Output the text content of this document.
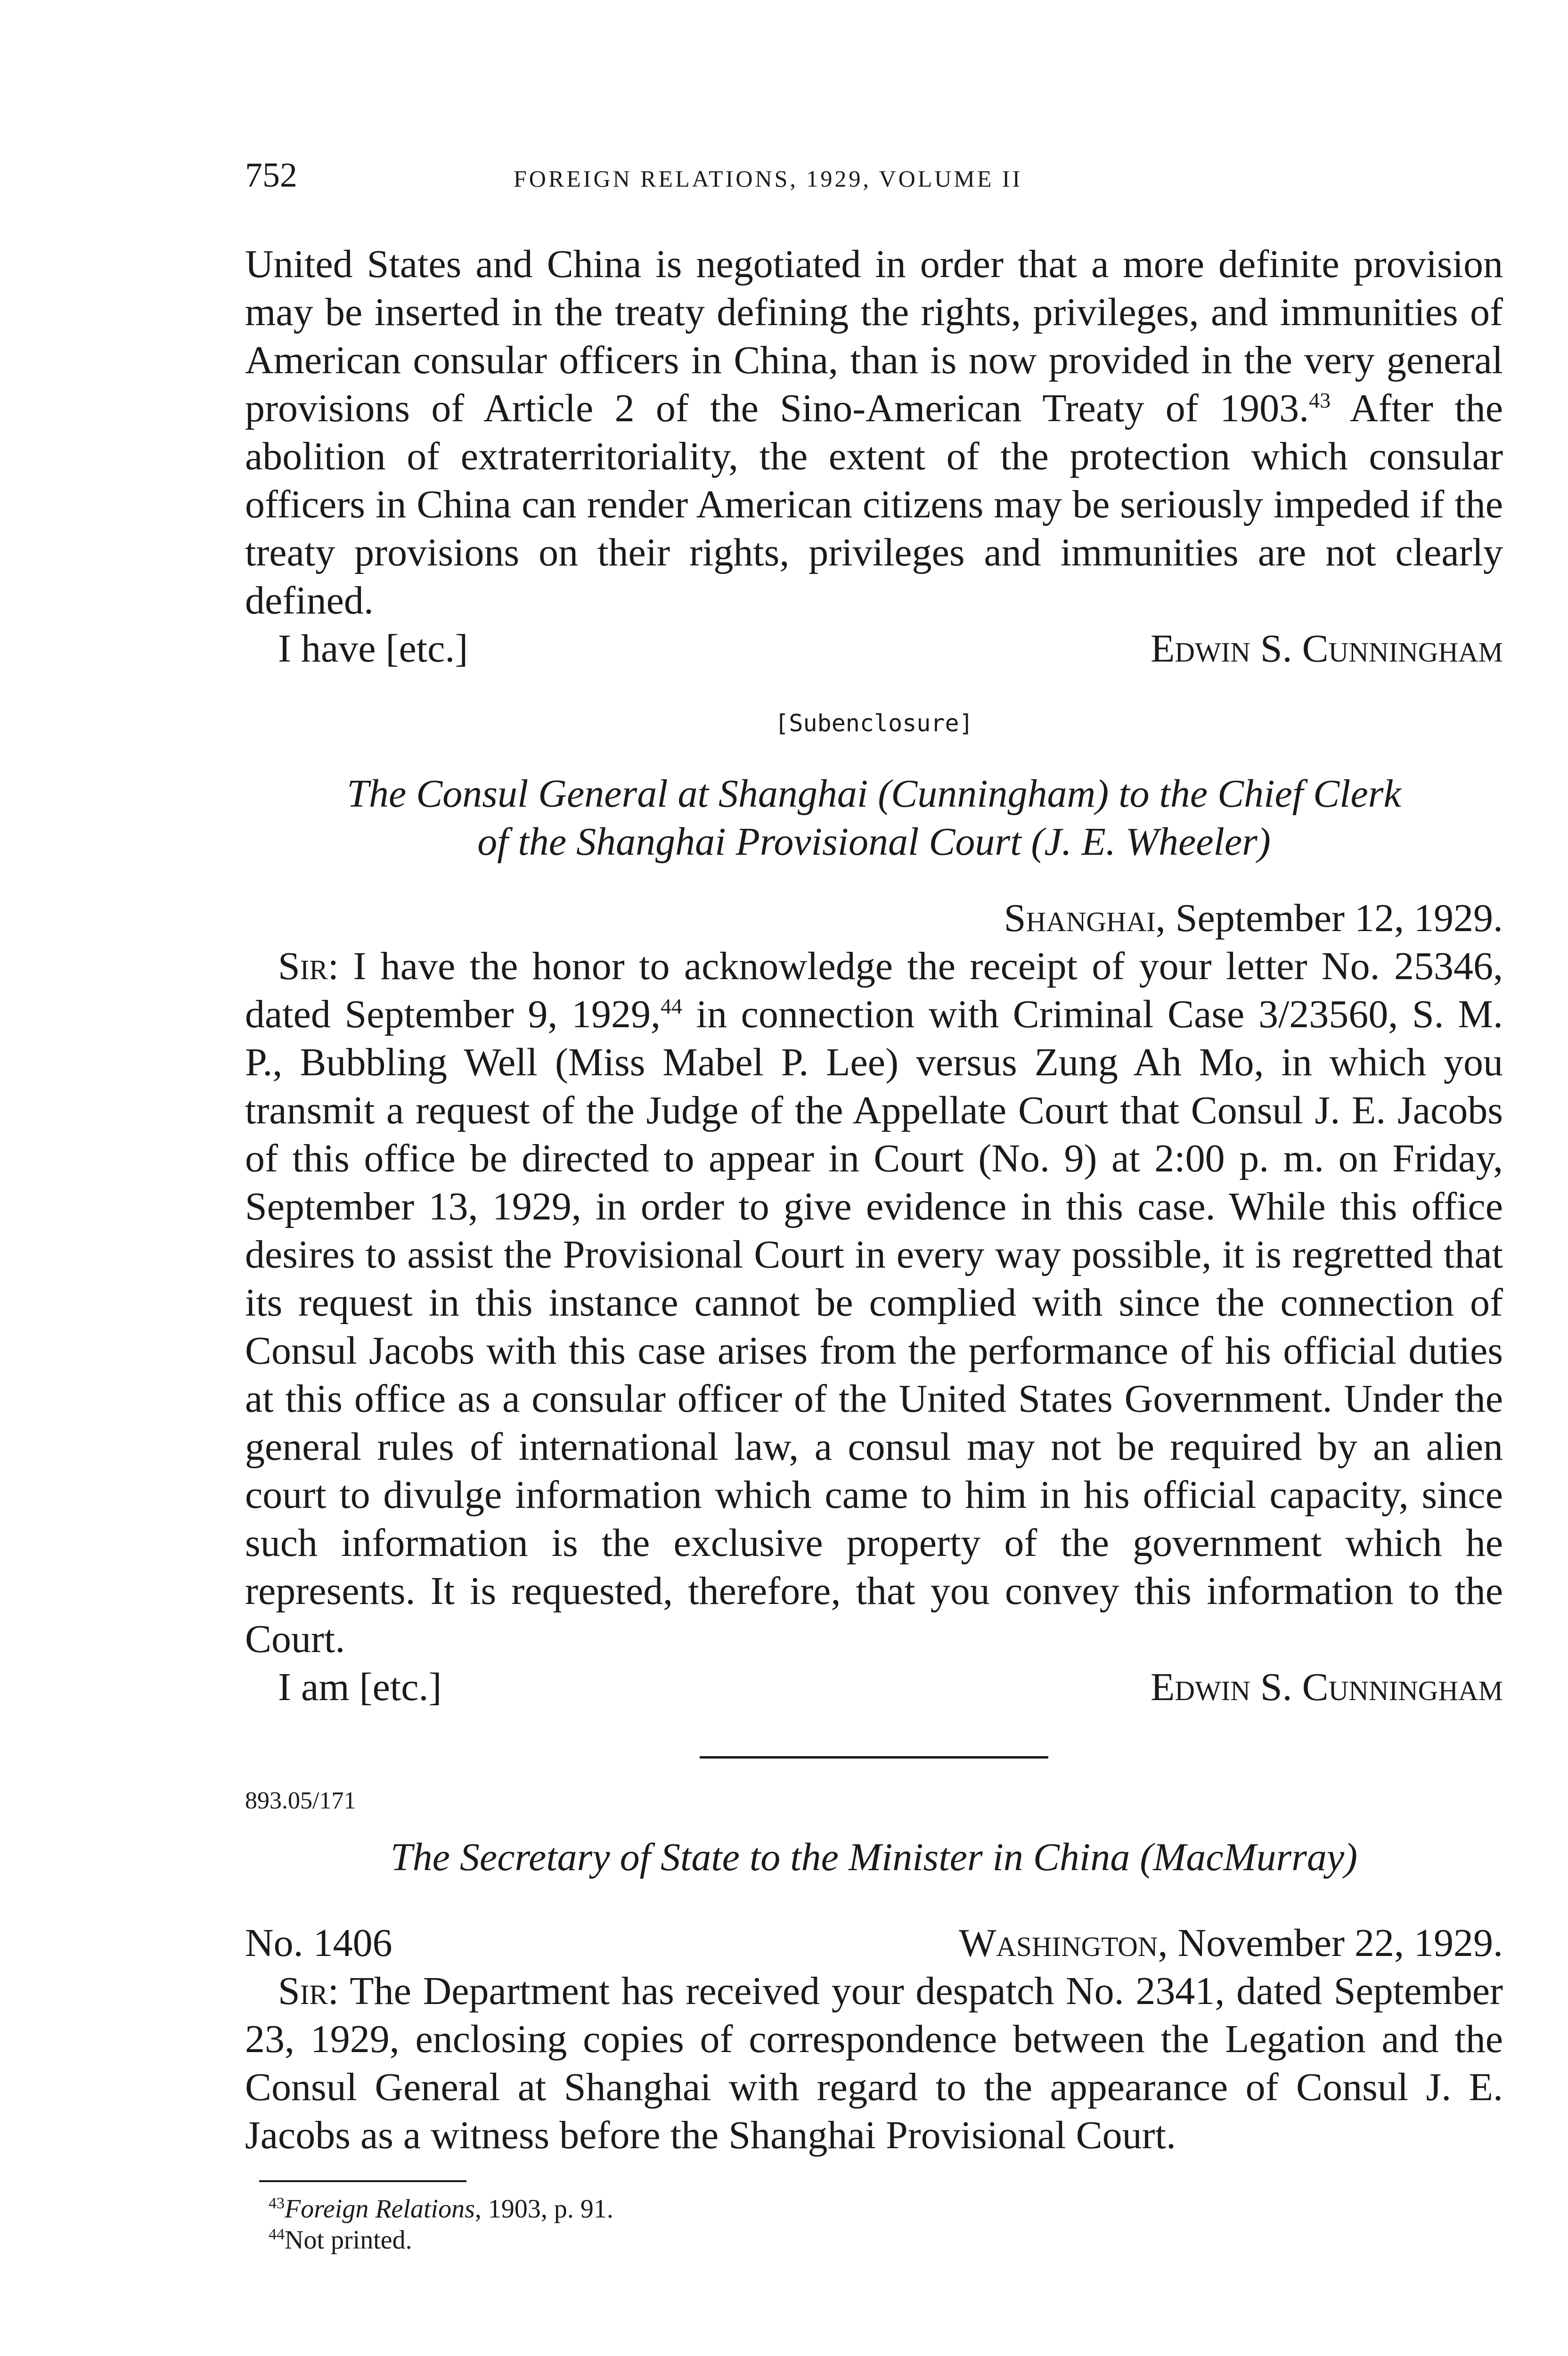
752	FOREIGN RELATIONS, 1929, VOLUME II

United States and China is negotiated in order that a more definite provision may be inserted in the treaty defining the rights, privileges, and immunities of American consular officers in China, than is now provided in the very general provisions of Article 2 of the Sino-American Treaty of 1903.43 After the abolition of extraterritoriality, the extent of the protection which consular officers in China can render American citizens may be seriously impeded if the treaty provisions on their rights, privileges and immunities are not clearly defined.

I have [etc.]	Edwin S. Cunningham
[Subenclosure]

The Consul General at Shanghai (Cunningham) to the Chief Clerk
of the Shanghai Provisional Court (J. E. Wheeler)

Shanghai, September 12, 1929.

Sir: I have the honor to acknowledge the receipt of your letter No. 25346, dated September 9, 1929,44 in connection with Criminal Case 3/23560, S. M. P., Bubbling Well (Miss Mabel P. Lee) versus Zung Ah Mo, in which you transmit a request of the Judge of the Appellate Court that Consul J. E. Jacobs of this office be directed to appear in Court (No. 9) at 2:00 p. m. on Friday, September 13, 1929, in order to give evidence in this case. While this office desires to assist the Provisional Court in every way possible, it is regretted that its request in this instance cannot be complied with since the connection of Consul Jacobs with this case arises from the performance of his official duties at this office as a consular officer of the United States Government. Under the general rules of international law, a consul may not be required by an alien court to divulge information which came to him in his official capacity, since such information is the exclusive property of the government which he represents. It is requested, therefore, that you convey this information to the Court.

I am [etc.]	Edwin S. Cunningham
893.05/171
The Secretary of State to the Minister in China (MacMurray)
No. 1406	Washington, November 22, 1929.

Sir: The Department has received your despatch No. 2341, dated September 23, 1929, enclosing copies of correspondence between the Legation and the Consul General at Shanghai with regard to the appearance of Consul J. E. Jacobs as a witness before the Shanghai Provisional Court.

$^{43}$Foreign Relations, 1903, p. 91.
$^{44}$Not printed.
